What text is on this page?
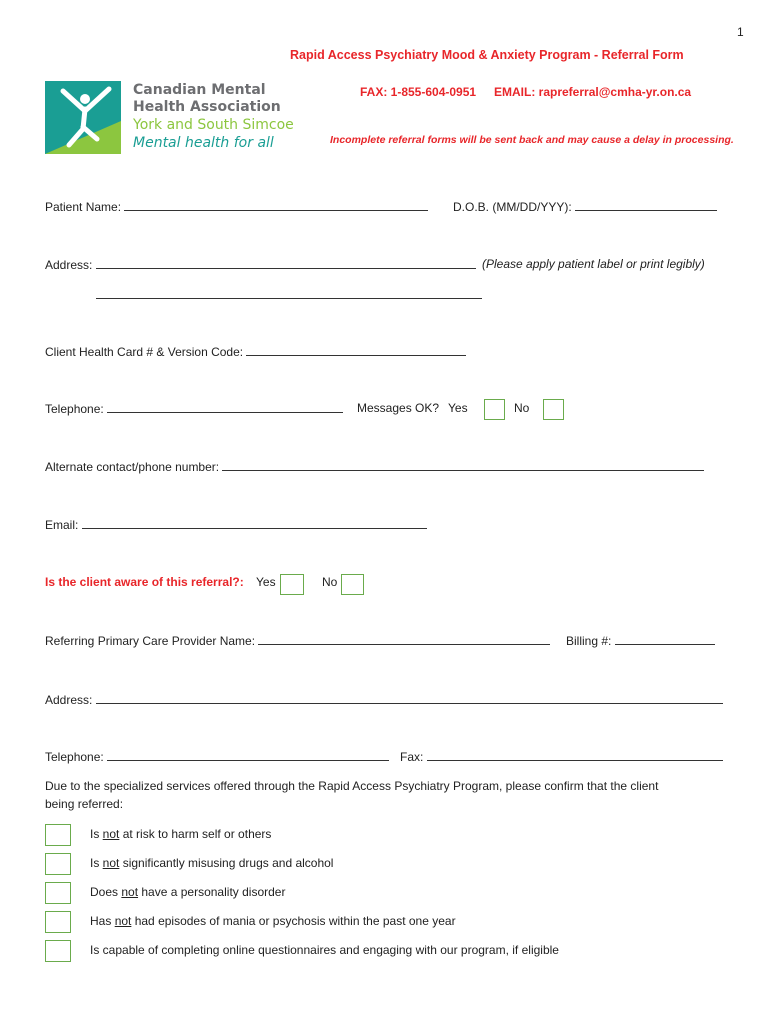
1
Rapid Access Psychiatry Mood & Anxiety Program - Referral Form
FAX: 1-855-604-0951 EMAIL: rapreferral@cmha-yr.on.ca
Incomplete referral forms will be sent back and may cause a delay in processing.
Canadian Mental
Health Association
York and South Simcoe
Mental health for all
Patient Name:	D.O.B. (MM/DD/YYY):
Address:	(Please apply patient label or print legibly)
Client Health Card # & Version Code:
Telephone:	Messages OK? Yes	No
Alternate contact/phone number:
Email:
Is the client aware of this referral?: Yes	No
Referring Primary Care Provider Name:	Billing #:
Address:
Telephone:	Fax:
Due to the specialized services offered through the Rapid Access Psychiatry Program, please confirm that the client
being referred:
Is not at risk to harm self or others
Is not significantly misusing drugs and alcohol
Does not have a personality disorder
Has not had episodes of mania or psychosis within the past one year
Is capable of completing online questionnaires and engaging with our program, if eligible
